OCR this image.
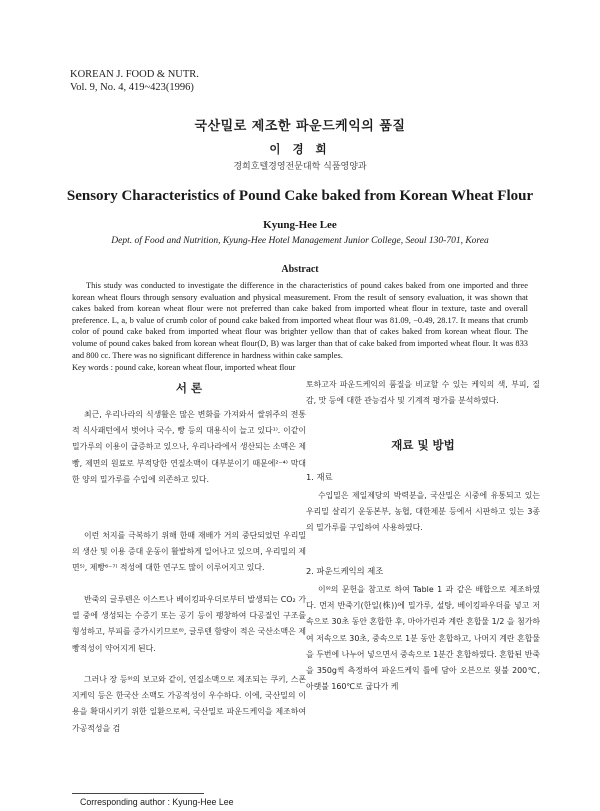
KOREAN J. FOOD & NUTR.
Vol. 9, No. 4, 419~423(1996)
국산밀로 제조한 파운드케익의 품질
이 경 희
경희호텔경영전문대학 식품영양과
Sensory Characteristics of Pound Cake baked from Korean Wheat Flour
Kyung-Hee Lee
Dept. of Food and Nutrition, Kyung-Hee Hotel Management Junior College, Seoul 130-701, Korea
Abstract

This study was conducted to investigate the difference in the characteristics of pound cakes baked from one imported and three korean wheat flours through sensory evaluation and physical measurement. From the result of sensory evaluation, it was shown that cakes baked from korean wheat flour were not preferred than cake baked from imported wheat flour in texture, taste and overall preference. L, a, b value of crumb color of pound cake baked from imported wheat flour was 81.09, −0.49, 28.17. It means that crumb color of pound cake baked from imported wheat flour was brighter yellow than that of cakes baked from korean wheat flour. The volume of pound cakes baked from korean wheat flour(D, B) was larger than that of cake baked from imported wheat flour. It was 833 and 800 cc. There was no significant difference in hardness within cake samples.

Key words : pound cake, korean wheat flour, imported wheat flour

서 론

최근, 우리나라의 식생활은 많은 변화를 가져와서 쌀위주의 전통적 식사패턴에서 벗어나 국수, 빵 등의 대용식이 늘고 있다¹⁾. 이같이 밀가루의 이용이 급증하고 있으나, 우리나라에서 생산되는 소맥은 제빵, 제면의 원료로 부적당한 연질소맥이 대부분이기 때문에²⁻⁴⁾ 막대한 양의 밀가루를 수입에 의존하고 있다.

이런 처지를 극복하기 위해 한때 재배가 거의 중단되었던 우리밀의 생산 및 이용 증대 운동이 활발하게 일어나고 있으며, 우리밀의 제면⁵⁾, 제빵⁶⁻⁷⁾ 적성에 대한 연구도 많이 이루어지고 있다.

반죽의 글루텐은 이스트나 베이킹파우더로부터 발생되는 CO₂ 가열 중에 생성되는 수증기 또는 공기 등이 팽창하여 다공질인 구조를 형성하고, 부피를 증가시키므로⁸⁾, 글루텐 함량이 적은 국산소맥은 제빵적성이 약어지게 된다.

그러나 장 등⁹⁾의 보고와 같이, 연질소맥으로 제조되는 쿠키, 스폰지케익 등은 한국산 소맥도 가공적성이 우수하다. 이에, 국산밀의 이용을 확대시키기 위한 일환으로써, 국산밀로 파운드케익을 제조하여 가공적성을 검

토하고자 파운드케익의 품질을 비교할 수 있는 케익의 색, 부피, 질감, 맛 등에 대한 관능검사 및 기계적 평가를 분석하였다.

재료 및 방법
1. 재료

수입밀은 제일제당의 박력분을, 국산밀은 시중에 유통되고 있는 우리밀 살리기 운동본부, 농협, 대한제분 등에서 시판하고 있는 3종의 밀가루를 구입하여 사용하였다.

2. 파운드케익의 제조

이⁹⁾의 문헌을 참고로 하여 Table 1 과 같은 배합으로 제조하였다. 먼저 반죽기(한일(株))에 밀가루, 설탕, 베이킹파우더를 넣고 저속으로 30초 동안 혼합한 후, 마아가린과 계란 혼합물 1/2 을 첨가하여 저속으로 30초, 중속으로 1분 동안 혼합하고, 나머지 계란 혼합물을 두번에 나누어 넣으면서 중속으로 1분간 혼합하였다. 혼합된 반죽을 350g씩 측정하여 파운드케익 틀에 담아 오븐으로 윗불 200℃, 아랫불 160℃로 굽다가 케

Corresponding author : Kyung-Hee Lee
